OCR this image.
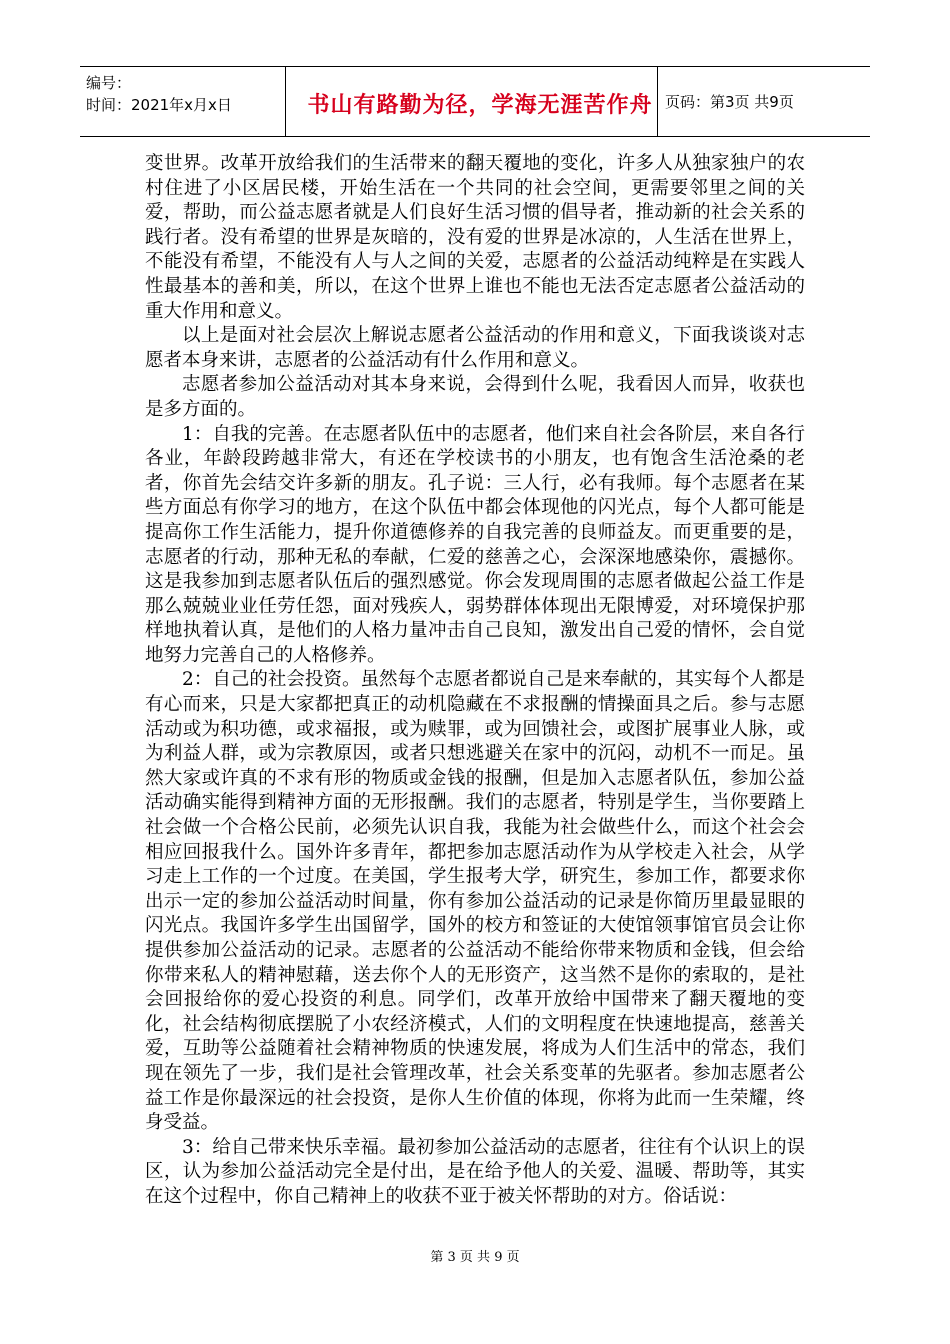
编号：
时间：2021年x月x日	书山有路勤为径，学海无涯苦作舟 页码：第3页 共9页

变世界。改革开放给我们的生活带来的翻天覆地的变化，许多人从独家独户的农村住进了小区居民楼，开始生活在一个共同的社会空间，更需要邻里之间的关爱，帮助，而公益志愿者就是人们良好生活习惯的倡导者，推动新的社会关系的践行者。没有希望的世界是灰暗的，没有爱的世界是冰凉的，人生活在世界上，不能没有希望，不能没有人与人之间的关爱，志愿者的公益活动纯粹是在实践人性最基本的善和美，所以，在这个世界上谁也不能也无法否定志愿者公益活动的重大作用和意义。

以上是面对社会层次上解说志愿者公益活动的作用和意义，下面我谈谈对志愿者本身来讲，志愿者的公益活动有什么作用和意义。

志愿者参加公益活动对其本身来说，会得到什么呢，我看因人而异，收获也是多方面的。

1：自我的完善。在志愿者队伍中的志愿者，他们来自社会各阶层，来自各行各业，年龄段跨越非常大，有还在学校读书的小朋友，也有饱含生活沧桑的老者，你首先会结交许多新的朋友。孔子说：三人行，必有我师。每个志愿者在某些方面总有你学习的地方，在这个队伍中都会体现他的闪光点，每个人都可能是提高你工作生活能力，提升你道德修养的自我完善的良师益友。而更重要的是，志愿者的行动，那种无私的奉献，仁爱的慈善之心，会深深地感染你，震撼你。这是我参加到志愿者队伍后的强烈感觉。你会发现周围的志愿者做起公益工作是那么兢兢业业任劳任怨，面对残疾人，弱势群体体现出无限博爱，对环境保护那样地执着认真，是他们的人格力量冲击自己良知，激发出自己爱的情怀，会自觉地努力完善自己的人格修养。

2：自己的社会投资。虽然每个志愿者都说自己是来奉献的，其实每个人都是有心而来，只是大家都把真正的动机隐藏在不求报酬的情操面具之后。参与志愿活动或为积功德，或求福报，或为赎罪，或为回馈社会，或图扩展事业人脉，或为利益人群，或为宗教原因，或者只想逃避关在家中的沉闷，动机不一而足。虽然大家或许真的不求有形的物质或金钱的报酬，但是加入志愿者队伍，参加公益活动确实能得到精神方面的无形报酬。我们的志愿者，特别是学生，当你要踏上社会做一个合格公民前，必须先认识自我，我能为社会做些什么，而这个社会会相应回报我什么。国外许多青年，都把参加志愿活动作为从学校走入社会，从学习走上工作的一个过度。在美国，学生报考大学，研究生，参加工作，都要求你出示一定的参加公益活动时间量，你有参加公益活动的记录是你简历里最显眼的闪光点。我国许多学生出国留学，国外的校方和签证的大使馆领事馆官员会让你提供参加公益活动的记录。志愿者的公益活动不能给你带来物质和金钱，但会给你带来私人的精神慰藉，送去你个人的无形资产，这当然不是你的索取的，是社会回报给你的爱心投资的利息。同学们，改革开放给中国带来了翻天覆地的变化，社会结构彻底摆脱了小农经济模式，人们的文明程度在快速地提高，慈善关爱，互助等公益随着社会精神物质的快速发展，将成为人们生活中的常态，我们现在领先了一步，我们是社会管理改革，社会关系变革的先驱者。参加志愿者公益工作是你最深远的社会投资，是你人生价值的体现，你将为此而一生荣耀，终身受益。

3：给自己带来快乐幸福。最初参加公益活动的志愿者，往往有个认识上的误区，认为参加公益活动完全是付出，是在给予他人的关爱、温暖、帮助等，其实在这个过程中，你自己精神上的收获不亚于被关怀帮助的对方。俗话说：

第 3 页 共 9 页
